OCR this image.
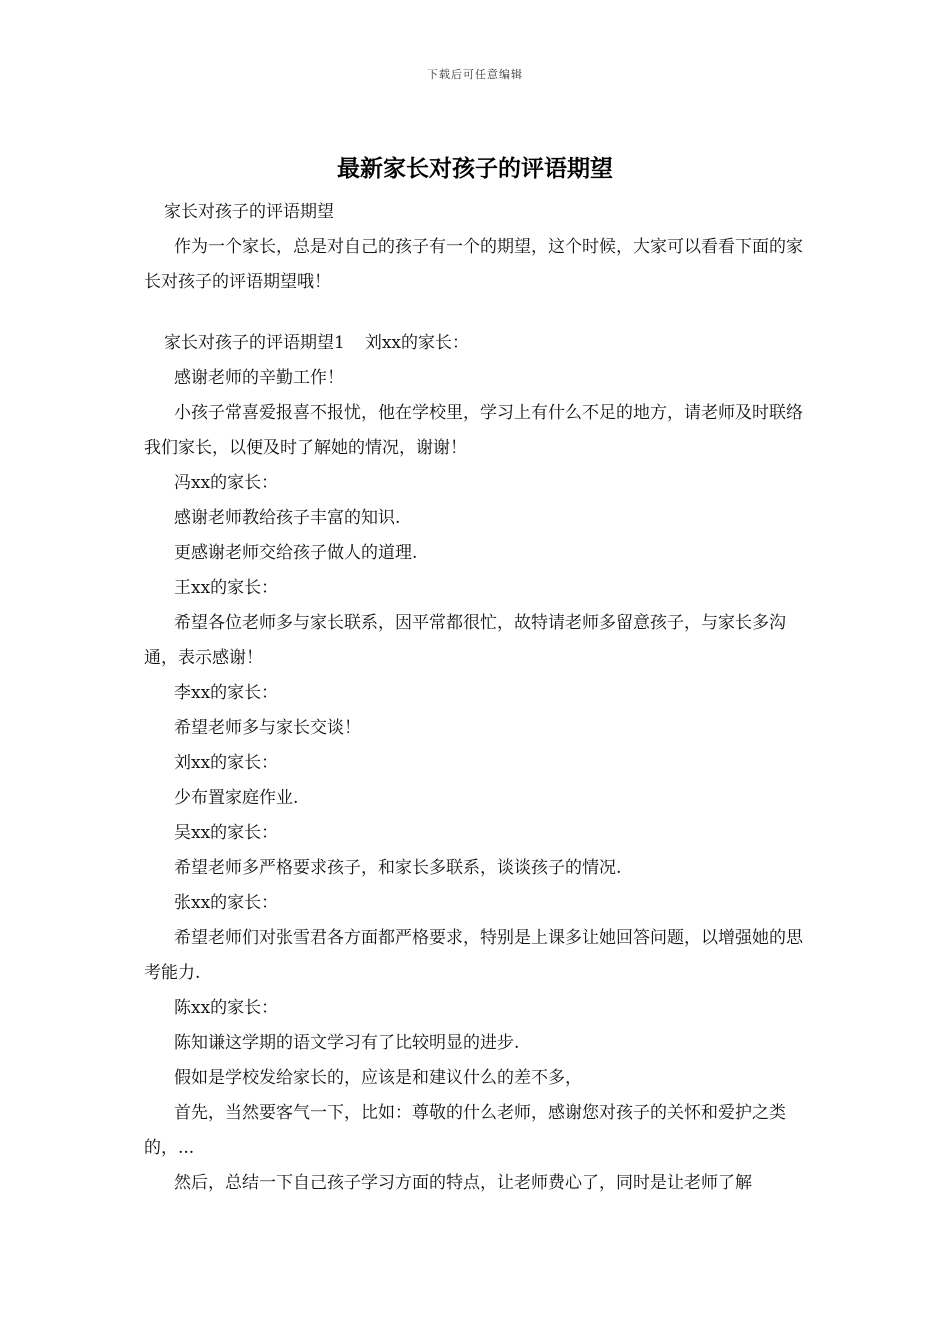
下载后可任意编辑
最新家长对孩子的评语期望

家长对孩子的评语期望

作为一个家长，总是对自己的孩子有一个的期望，这个时候，大家可以看看下面的家长对孩子的评语期望哦！

家长对孩子的评语期望1 刘xx的家长：

感谢老师的辛勤工作！

小孩子常喜爱报喜不报忧，他在学校里，学习上有什么不足的地方，请老师及时联络我们家长，以便及时了解她的情况，谢谢！

冯xx的家长：

感谢老师教给孩子丰富的知识.

更感谢老师交给孩子做人的道理.

王xx的家长：

希望各位老师多与家长联系，因平常都很忙，故特请老师多留意孩子，与家长多沟通，表示感谢！

李xx的家长：

希望老师多与家长交谈！

刘xx的家长：

少布置家庭作业.

吴xx的家长：

希望老师多严格要求孩子，和家长多联系，谈谈孩子的情况.

张xx的家长：

希望老师们对张雪君各方面都严格要求，特别是上课多让她回答问题，以增强她的思考能力.

陈xx的家长：

陈知谦这学期的语文学习有了比较明显的进步.

假如是学校发给家长的，应该是和建议什么的差不多，

首先，当然要客气一下，比如：尊敬的什么老师，感谢您对孩子的关怀和爱护之类的，...

然后，总结一下自己孩子学习方面的特点，让老师费心了，同时是让老师了解
